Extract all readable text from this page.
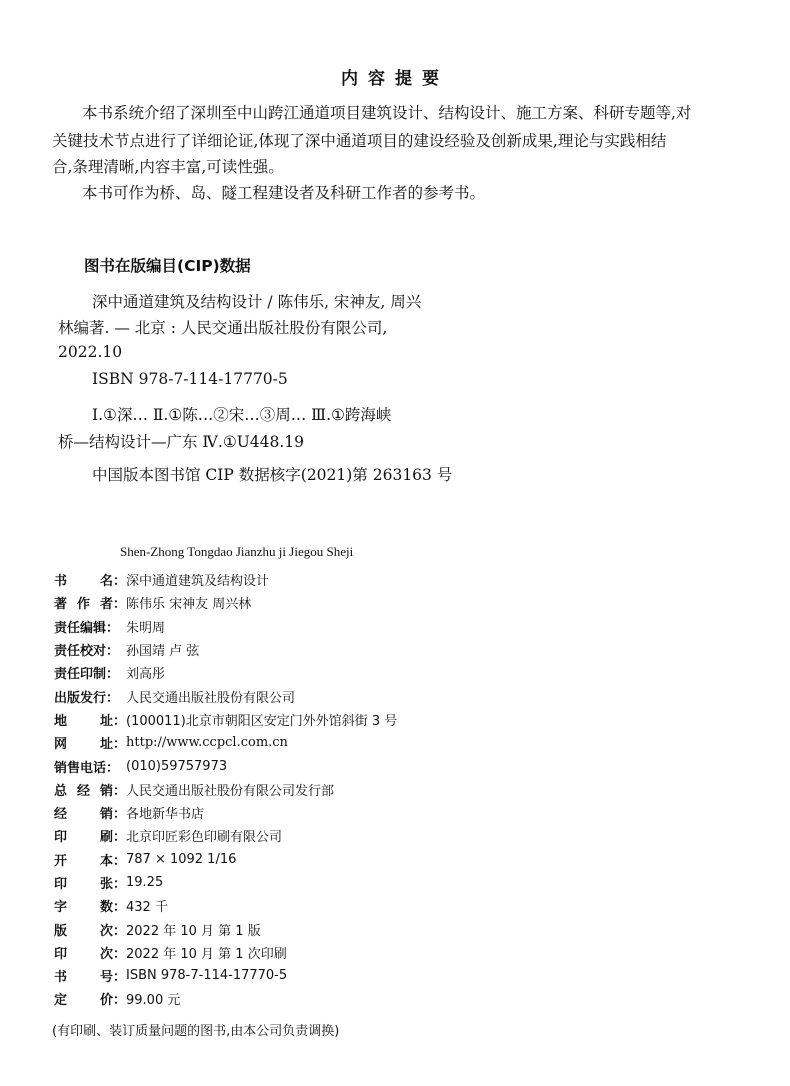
内容提要

本书系统介绍了深圳至中山跨江通道项目建筑设计、结构设计、施工方案、科研专题等,对

关键技术节点进行了详细论证,体现了深中通道项目的建设经验及创新成果,理论与实践相结

合,条理清晰,内容丰富,可读性强。

本书可作为桥、岛、隧工程建设者及科研工作者的参考书。

图书在版编目(CIP)数据
深中通道建筑及结构设计 / 陈伟乐, 宋神友, 周兴
林编著. — 北京 : 人民交通出版社股份有限公司,
2022.10
ISBN 978-7-114-17770-5
Ⅰ.①深… Ⅱ.①陈…②宋…③周… Ⅲ.①跨海峡
桥—结构设计—广东 Ⅳ.①U448.19
中国版本图书馆 CIP 数据核字(2021)第 263163 号
Shen-Zhong Tongdao Jianzhu ji Jiegou Sheji
书	名： 深中通道建筑及结构设计
著 作 者： 陈伟乐 宋神友 周兴林
责任编辑： 朱明周
责任校对： 孙国靖 卢 弦
责任印制： 刘高彤
出版发行： 人民交通出版社股份有限公司
地	址： (100011)北京市朝阳区安定门外外馆斜街 3 号
网	址： http://www.ccpcl.com.cn
销售电话： (010)59757973
总 经 销： 人民交通出版社股份有限公司发行部
经	销： 各地新华书店
印	刷： 北京印匠彩色印刷有限公司
开	本： 787 × 1092 1/16
印	张： 19.25
字	数： 432 千
版	次： 2022 年 10 月 第 1 版
印	次： 2022 年 10 月 第 1 次印刷
书	号： ISBN 978-7-114-17770-5
定	价： 99.00 元
(有印刷、装订质量问题的图书,由本公司负责调换)
